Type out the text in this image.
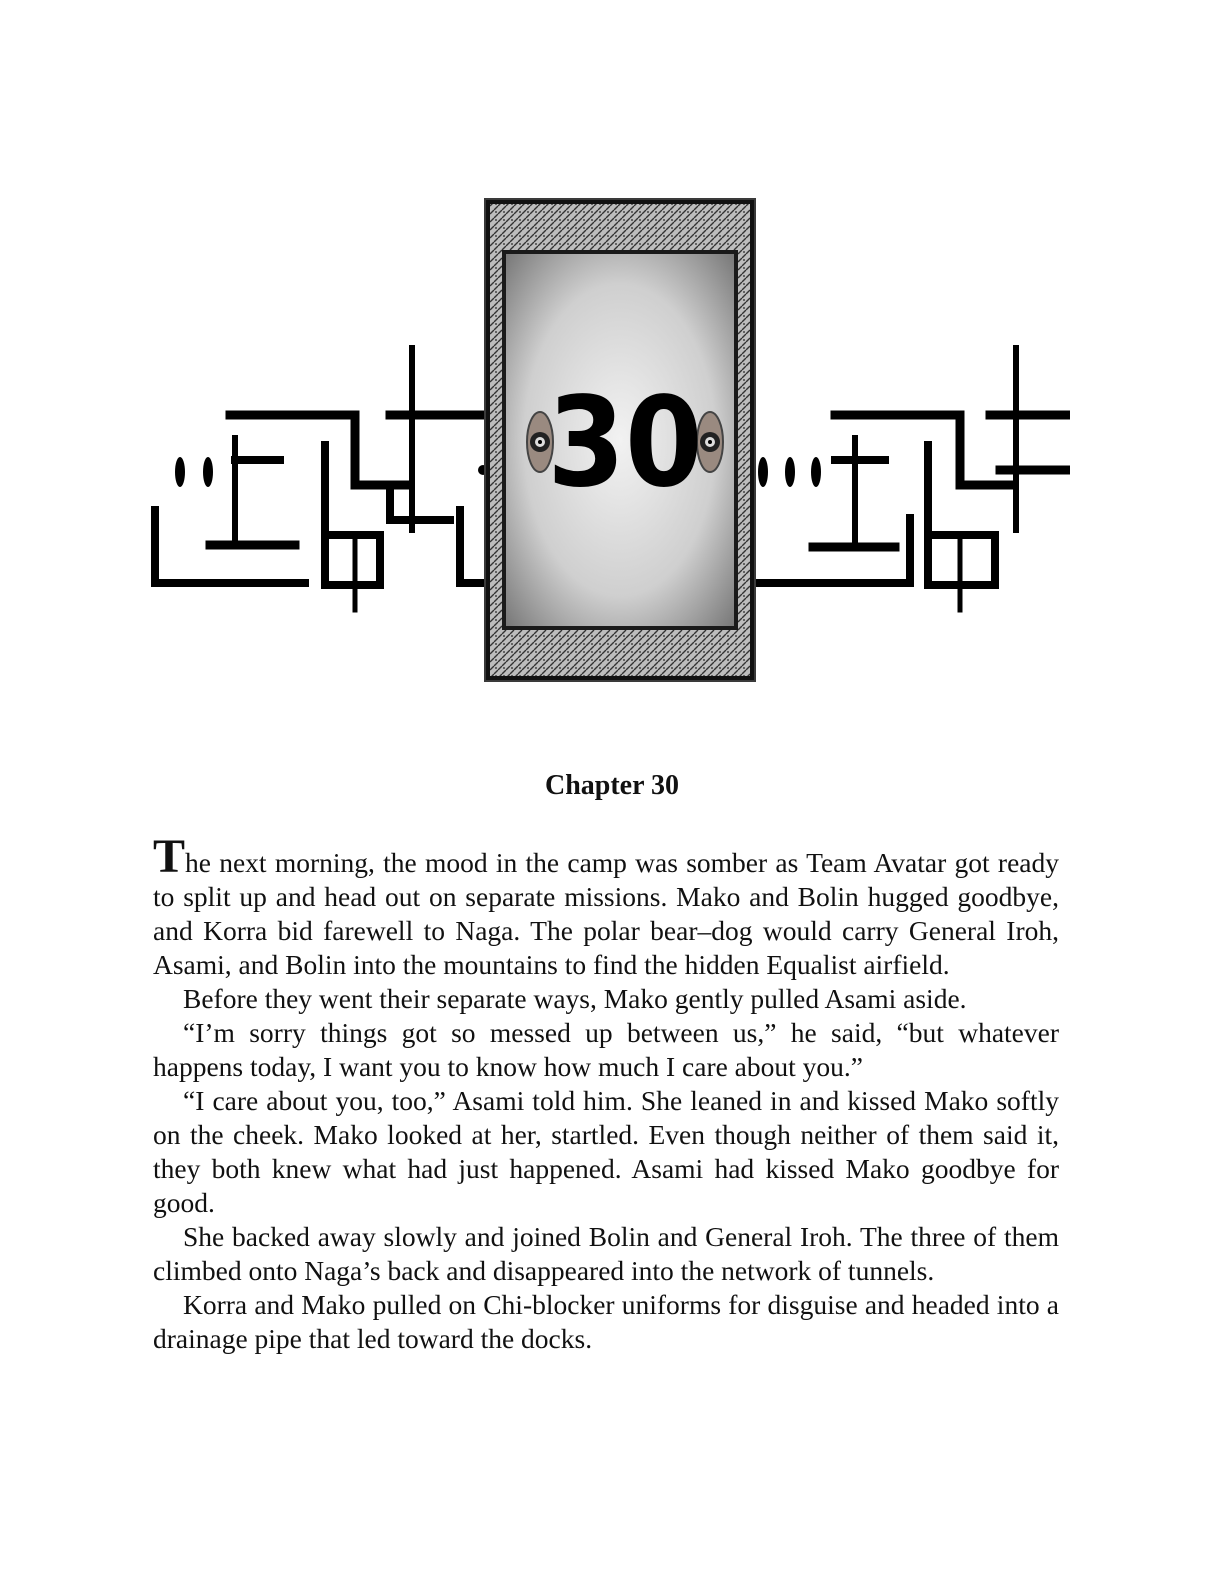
30
Chapter 30

The next morning, the mood in the camp was somber as Team Avatar got ready to split up and head out on separate missions. Mako and Bolin hugged goodbye, and Korra bid farewell to Naga. The polar bear–dog would carry General Iroh, Asami, and Bolin into the mountains to find the hidden Equalist airfield.

Before they went their separate ways, Mako gently pulled Asami aside.

“I’m sorry things got so messed up between us,” he said, “but whatever happens today, I want you to know how much I care about you.”

“I care about you, too,” Asami told him. She leaned in and kissed Mako softly on the cheek. Mako looked at her, startled. Even though neither of them said it, they both knew what had just happened. Asami had kissed Mako goodbye for good.

She backed away slowly and joined Bolin and General Iroh. The three of them climbed onto Naga’s back and disappeared into the network of tunnels.

Korra and Mako pulled on Chi-blocker uniforms for disguise and headed into a drainage pipe that led toward the docks.
